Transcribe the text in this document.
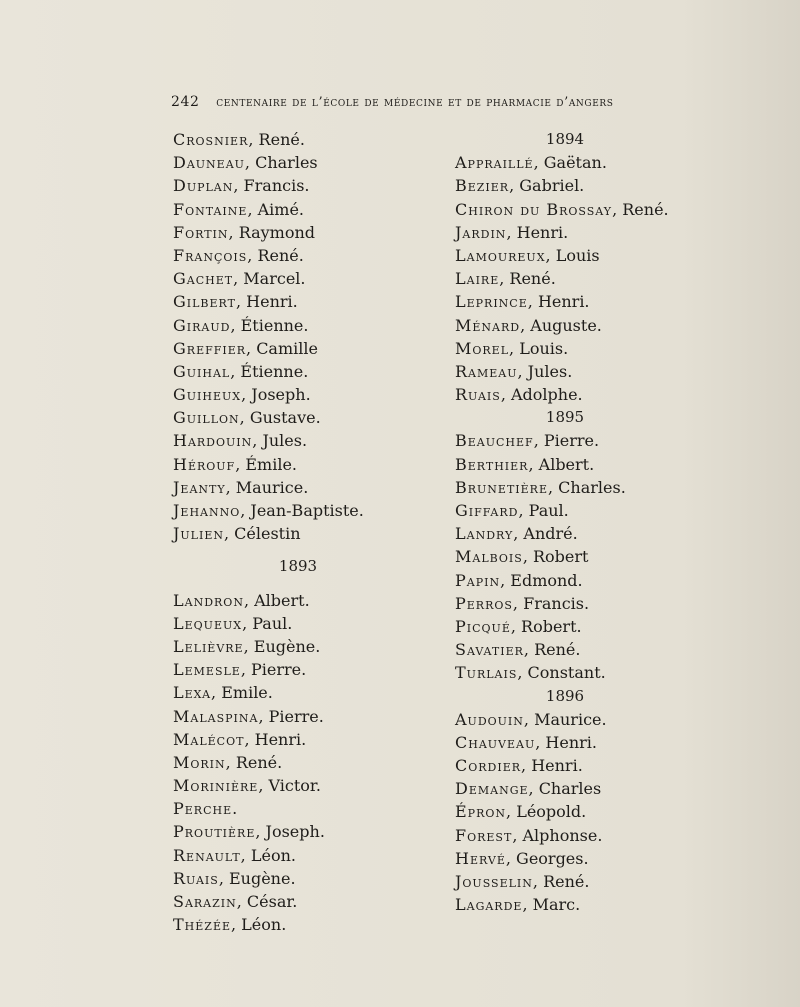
242 centenaire de l’école de médecine et de pharmacie d’angers
Crosnier, René.
Dauneau, Charles
Duplan, Francis.
Fontaine, Aimé.
Fortin, Raymond
François, René.
Gachet, Marcel.
Gilbert, Henri.
Giraud, Étienne.
Greffier, Camille
Guihal, Étienne.
Guiheux, Joseph.
Guillon, Gustave.
Hardouin, Jules.
Hérouf, Émile.
Jeanty, Maurice.
Jehanno, Jean-Baptiste.
Julien, Célestin
1893
Landron, Albert.
Lequeux, Paul.
Lelièvre, Eugène.
Lemesle, Pierre.
Lexa, Emile.
Malaspina, Pierre.
Malécot, Henri.
Morin, René.
Morinière, Victor.
Perche.
Proutière, Joseph.
Renault, Léon.
Ruais, Eugène.
Sarazin, César.
Thézée, Léon.
1894
Appraillé, Gaëtan.
Bezier, Gabriel.
Chiron du Brossay, René.
Jardin, Henri.
Lamoureux, Louis
Laire, René.
Leprince, Henri.
Ménard, Auguste.
Morel, Louis.
Rameau, Jules.
Ruais, Adolphe.
1895
Beauchef, Pierre.
Berthier, Albert.
Brunetière, Charles.
Giffard, Paul.
Landry, André.
Malbois, Robert
Papin, Edmond.
Perros, Francis.
Picqué, Robert.
Savatier, René.
Turlais, Constant.
1896
Audouin, Maurice.
Chauveau, Henri.
Cordier, Henri.
Demange, Charles
Épron, Léopold.
Forest, Alphonse.
Hervé, Georges.
Jousselin, René.
Lagarde, Marc.
